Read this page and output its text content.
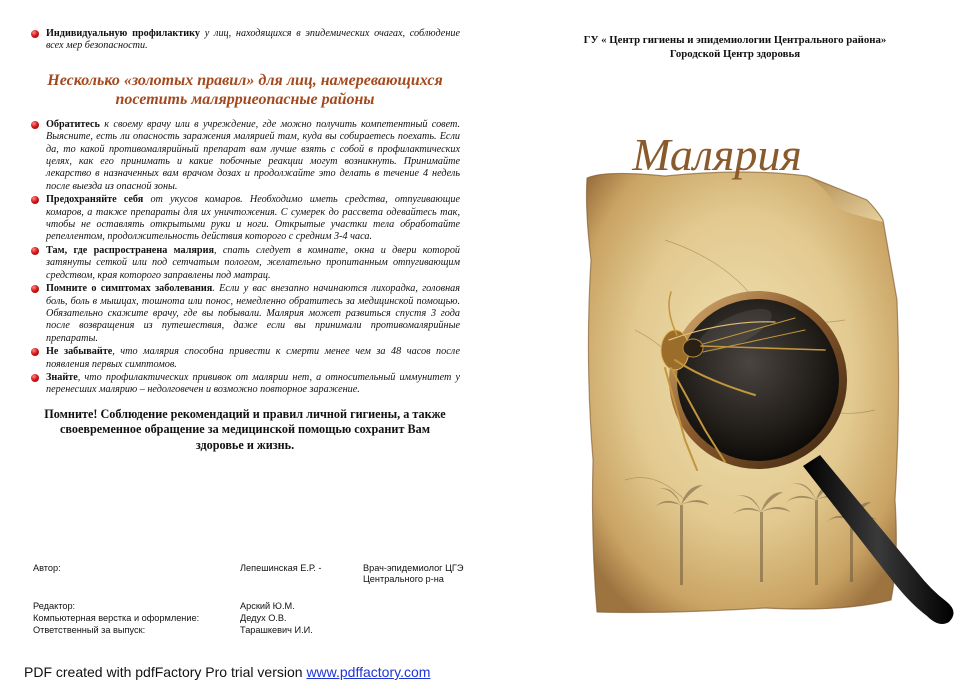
Индивидуальную профилактику у лиц, находящихся в эпидемических очагах, соблюдение всех мер безопасности.
Несколько «золотых правил» для лиц, намеревающихся посетить малярриеопасные районы
Обратитесь к своему врачу или в учреждение, где можно получить компетентный совет. Выясните, есть ли опасность заражения малярией там, куда вы собираетесь поехать. Если да, то какой противомалярийный препарат вам лучше взять с собой в профилактических целях, как его принимать и какие побочные реакции могут возникнуть. Принимайте лекарство в назначенных вам врачом дозах и продолжайте это делать в течение 4 недель после выезда из опасной зоны.
Предохраняйте себя от укусов комаров. Необходимо иметь средства, отпугивающие комаров, а также препараты для их уничтожения. С сумерек до рассвета одевайтесь так, чтобы не оставлять открытыми руки и ноги. Открытые участки тела обработайте репеллентом, продолжительность действия которого с средним 3-4 часа.
Там, где распространена малярия, спать следует в комнате, окна и двери которой затянуты сеткой или под сетчатым пологом, желательно пропитанным отпугивающим средством, края которого заправлены под матрац.
Помните о симптомах заболевания. Если у вас внезапно начинаются лихорадка, головная боль, боль в мышцах, тошнота или понос, немедленно обратитесь за медицинской помощью. Обязательно скажите врачу, где вы побывали. Малярия может развиться спустя 3 года после возвращения из путешествия, даже если вы принимали противомалярийные препараты.
Не забывайте, что малярия способна привести к смерти менее чем за 48 часов после появления первых симптомов.
Знайте, что профилактических прививок от малярии нет, а относительный иммунитет у перенесших малярию – недолговечен и возможно повторное заражение.
Помните! Соблюдение рекомендаций и правил личной гигиены, а также своевременное обращение за медицинской помощью сохранит Вам здоровье и жизнь.
Автор:	Лепешинская Е.Р. -	Врач-эпидемиолог ЦГЭ Центрального р-на
Редактор:	Арский Ю.М.
Компьютерная верстка и оформление:	Дедух О.В.
Ответственный за выпуск:	Тарашкевич И.И.
PDF created with pdfFactory Pro trial version www.pdffactory.com
ГУ « Центр гигиены и эпидемиологии Центрального района»
Городской Центр здоровья
Малярия
